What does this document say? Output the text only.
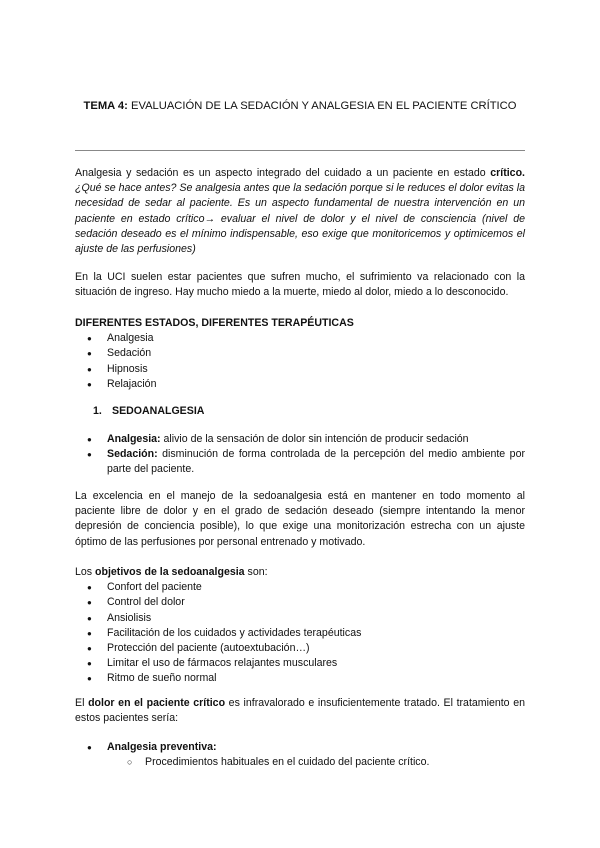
TEMA 4: EVALUACIÓN DE LA SEDACIÓN Y ANALGESIA EN EL PACIENTE CRÍTICO
Analgesia y sedación es un aspecto integrado del cuidado a un paciente en estado crítico. ¿Qué se hace antes? Se analgesia antes que la sedación porque si le reduces el dolor evitas la necesidad de sedar al paciente. Es un aspecto fundamental de nuestra intervención en un paciente en estado crítico→ evaluar el nivel de dolor y el nivel de consciencia (nivel de sedación deseado es el mínimo indispensable, eso exige que monitoricemos y optimicemos el ajuste de las perfusiones)
En la UCI suelen estar pacientes que sufren mucho, el sufrimiento va relacionado con la situación de ingreso. Hay mucho miedo a la muerte, miedo al dolor, miedo a lo desconocido.
DIFERENTES ESTADOS, DIFERENTES TERAPÉUTICAS
● Analgesia
● Sedación
● Hipnosis
● Relajación
1. SEDOANALGESIA
● Analgesia: alivio de la sensación de dolor sin intención de producir sedación
● Sedación: disminución de forma controlada de la percepción del medio ambiente por parte del paciente.
La excelencia en el manejo de la sedoanalgesia está en mantener en todo momento al paciente libre de dolor y en el grado de sedación deseado (siempre intentando la menor depresión de conciencia posible), lo que exige una monitorización estrecha con un ajuste óptimo de las perfusiones por personal entrenado y motivado.
Los objetivos de la sedoanalgesia son:
● Confort del paciente
● Control del dolor
● Ansiolisis
● Facilitación de los cuidados y actividades terapéuticas
● Protección del paciente (autoextubación…)
● Limitar el uso de fármacos relajantes musculares
● Ritmo de sueño normal
El dolor en el paciente crítico es infravalorado e insuficientemente tratado. El tratamiento en estos pacientes sería:
● Analgesia preventiva:
○ Procedimientos habituales en el cuidado del paciente crítico.
